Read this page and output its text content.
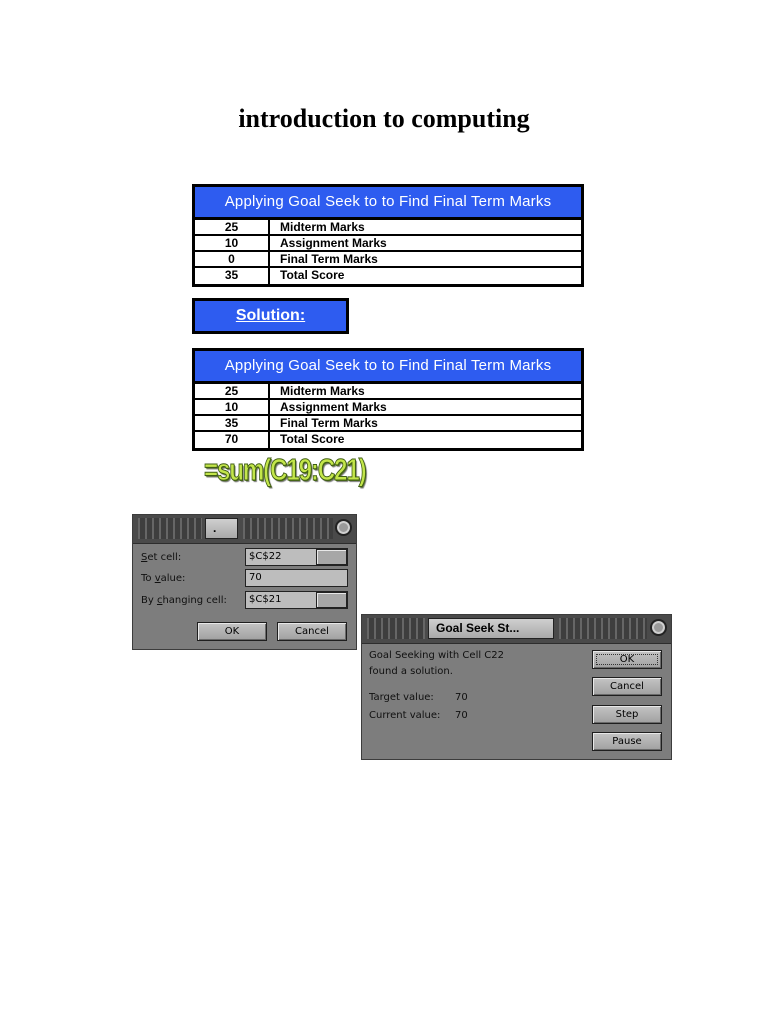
introduction to computing
Applying Goal Seek to to Find Final Term Marks
25	Midterm Marks
10	Assignment Marks
0	Final Term Marks
35	Total Score
Solution:
Applying Goal Seek to to Find Final Term Marks
25	Midterm Marks
10	Assignment Marks
35	Final Term Marks
70	Total Score
=sum(C19:C21)
.
Set cell:	$C$22
To value:	70
By changing cell:	$C$21
OK	Cancel	Goal Seek St...
Goal Seeking with Cell C22
found a solution.
Target value: 70
Current value: 70
OK
Cancel
Step
Pause
